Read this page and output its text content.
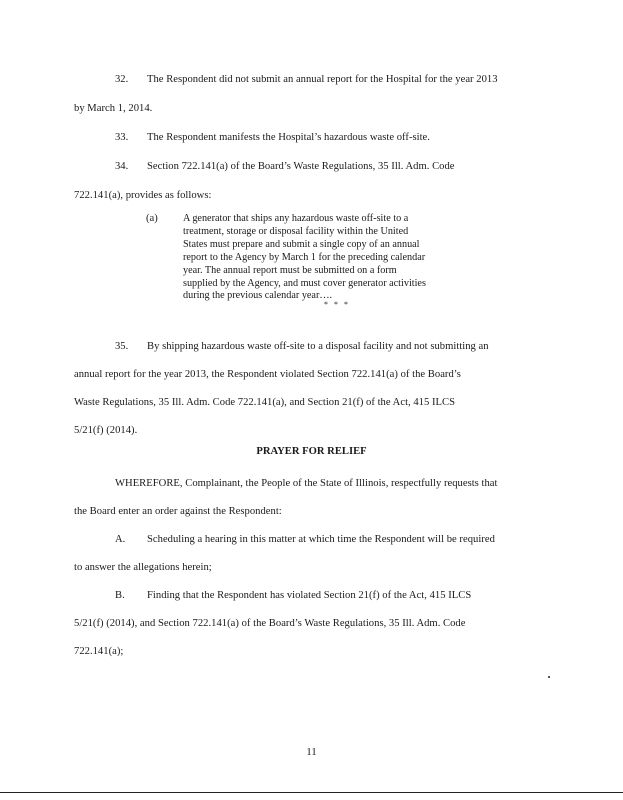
32. The Respondent did not submit an annual report for the Hospital for the year 2013
by March 1, 2014.
33. The Respondent manifests the Hospital’s hazardous waste off-site.
34. Section 722.141(a) of the Board’s Waste Regulations, 35 Ill. Adm. Code
722.141(a), provides as follows:
(a) A generator that ships any hazardous waste off-site to a
treatment, storage or disposal facility within the United
States must prepare and submit a single copy of an annual
report to the Agency by March 1 for the preceding calendar
year. The annual report must be submitted on a form
supplied by the Agency, and must cover generator activities
during the previous calendar year….
* * *
35. By shipping hazardous waste off-site to a disposal facility and not submitting an
annual report for the year 2013, the Respondent violated Section 722.141(a) of the Board’s
Waste Regulations, 35 Ill. Adm. Code 722.141(a), and Section 21(f) of the Act, 415 ILCS
5/21(f) (2014).
PRAYER FOR RELIEF
WHEREFORE, Complainant, the People of the State of Illinois, respectfully requests that
the Board enter an order against the Respondent:
A. Scheduling a hearing in this matter at which time the Respondent will be required
to answer the allegations herein;
B. Finding that the Respondent has violated Section 21(f) of the Act, 415 ILCS
5/21(f) (2014), and Section 722.141(a) of the Board’s Waste Regulations, 35 Ill. Adm. Code
722.141(a);
11
